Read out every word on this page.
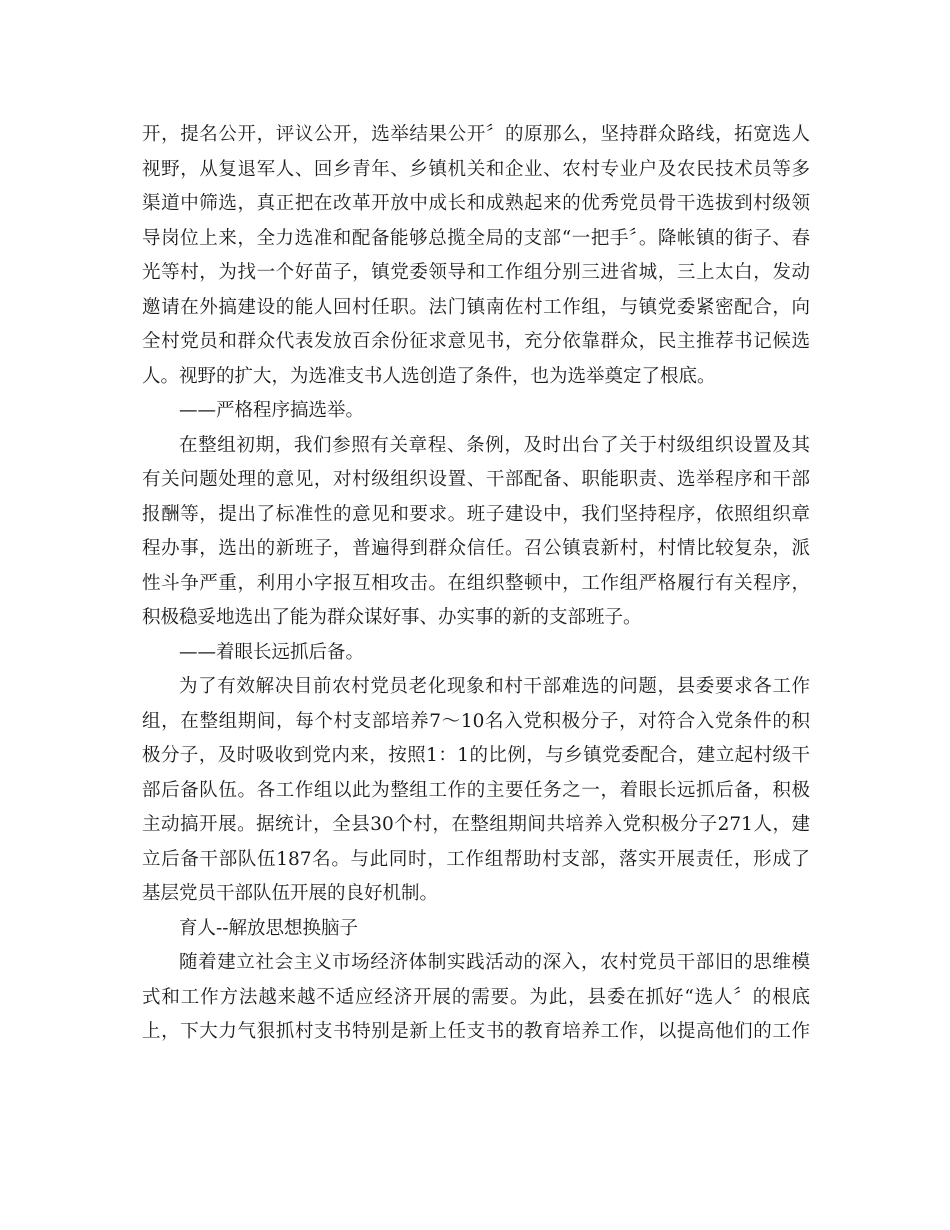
开，提名公开，评议公开，选举结果公开〞的原那么，坚持群众路线，拓宽选人
视野，从复退军人、回乡青年、乡镇机关和企业、农村专业户及农民技术员等多
渠道中筛选，真正把在改革开放中成长和成熟起来的优秀党员骨干选拔到村级领
导岗位上来，全力选准和配备能够总揽全局的支部“一把手〞。降帐镇的街子、春
光等村，为找一个好苗子，镇党委领导和工作组分别三进省城，三上太白，发动
邀请在外搞建设的能人回村任职。法门镇南佐村工作组，与镇党委紧密配合，向
全村党员和群众代表发放百余份征求意见书，充分依靠群众，民主推荐书记候选
人。视野的扩大，为选准支书人选创造了条件，也为选举奠定了根底。
——严格程序搞选举。
在整组初期，我们参照有关章程、条例，及时出台了关于村级组织设置及其
有关问题处理的意见，对村级组织设置、干部配备、职能职责、选举程序和干部
报酬等，提出了标准性的意见和要求。班子建设中，我们坚持程序，依照组织章
程办事，选出的新班子，普遍得到群众信任。召公镇袁新村，村情比较复杂，派
性斗争严重，利用小字报互相攻击。在组织整顿中，工作组严格履行有关程序，
积极稳妥地选出了能为群众谋好事、办实事的新的支部班子。
——着眼长远抓后备。
为了有效解决目前农村党员老化现象和村干部难选的问题，县委要求各工作
组，在整组期间，每个村支部培养7～10名入党积极分子，对符合入党条件的积
极分子，及时吸收到党内来，按照1：1的比例，与乡镇党委配合，建立起村级干
部后备队伍。各工作组以此为整组工作的主要任务之一，着眼长远抓后备，积极
主动搞开展。据统计，全县30个村，在整组期间共培养入党积极分子271人，建
立后备干部队伍187名。与此同时，工作组帮助村支部，落实开展责任，形成了
基层党员干部队伍开展的良好机制。
育人--解放思想换脑子
随着建立社会主义市场经济体制实践活动的深入，农村党员干部旧的思维模
式和工作方法越来越不适应经济开展的需要。为此，县委在抓好“选人〞的根底
上，下大力气狠抓村支书特别是新上任支书的教育培养工作，以提高他们的工作
